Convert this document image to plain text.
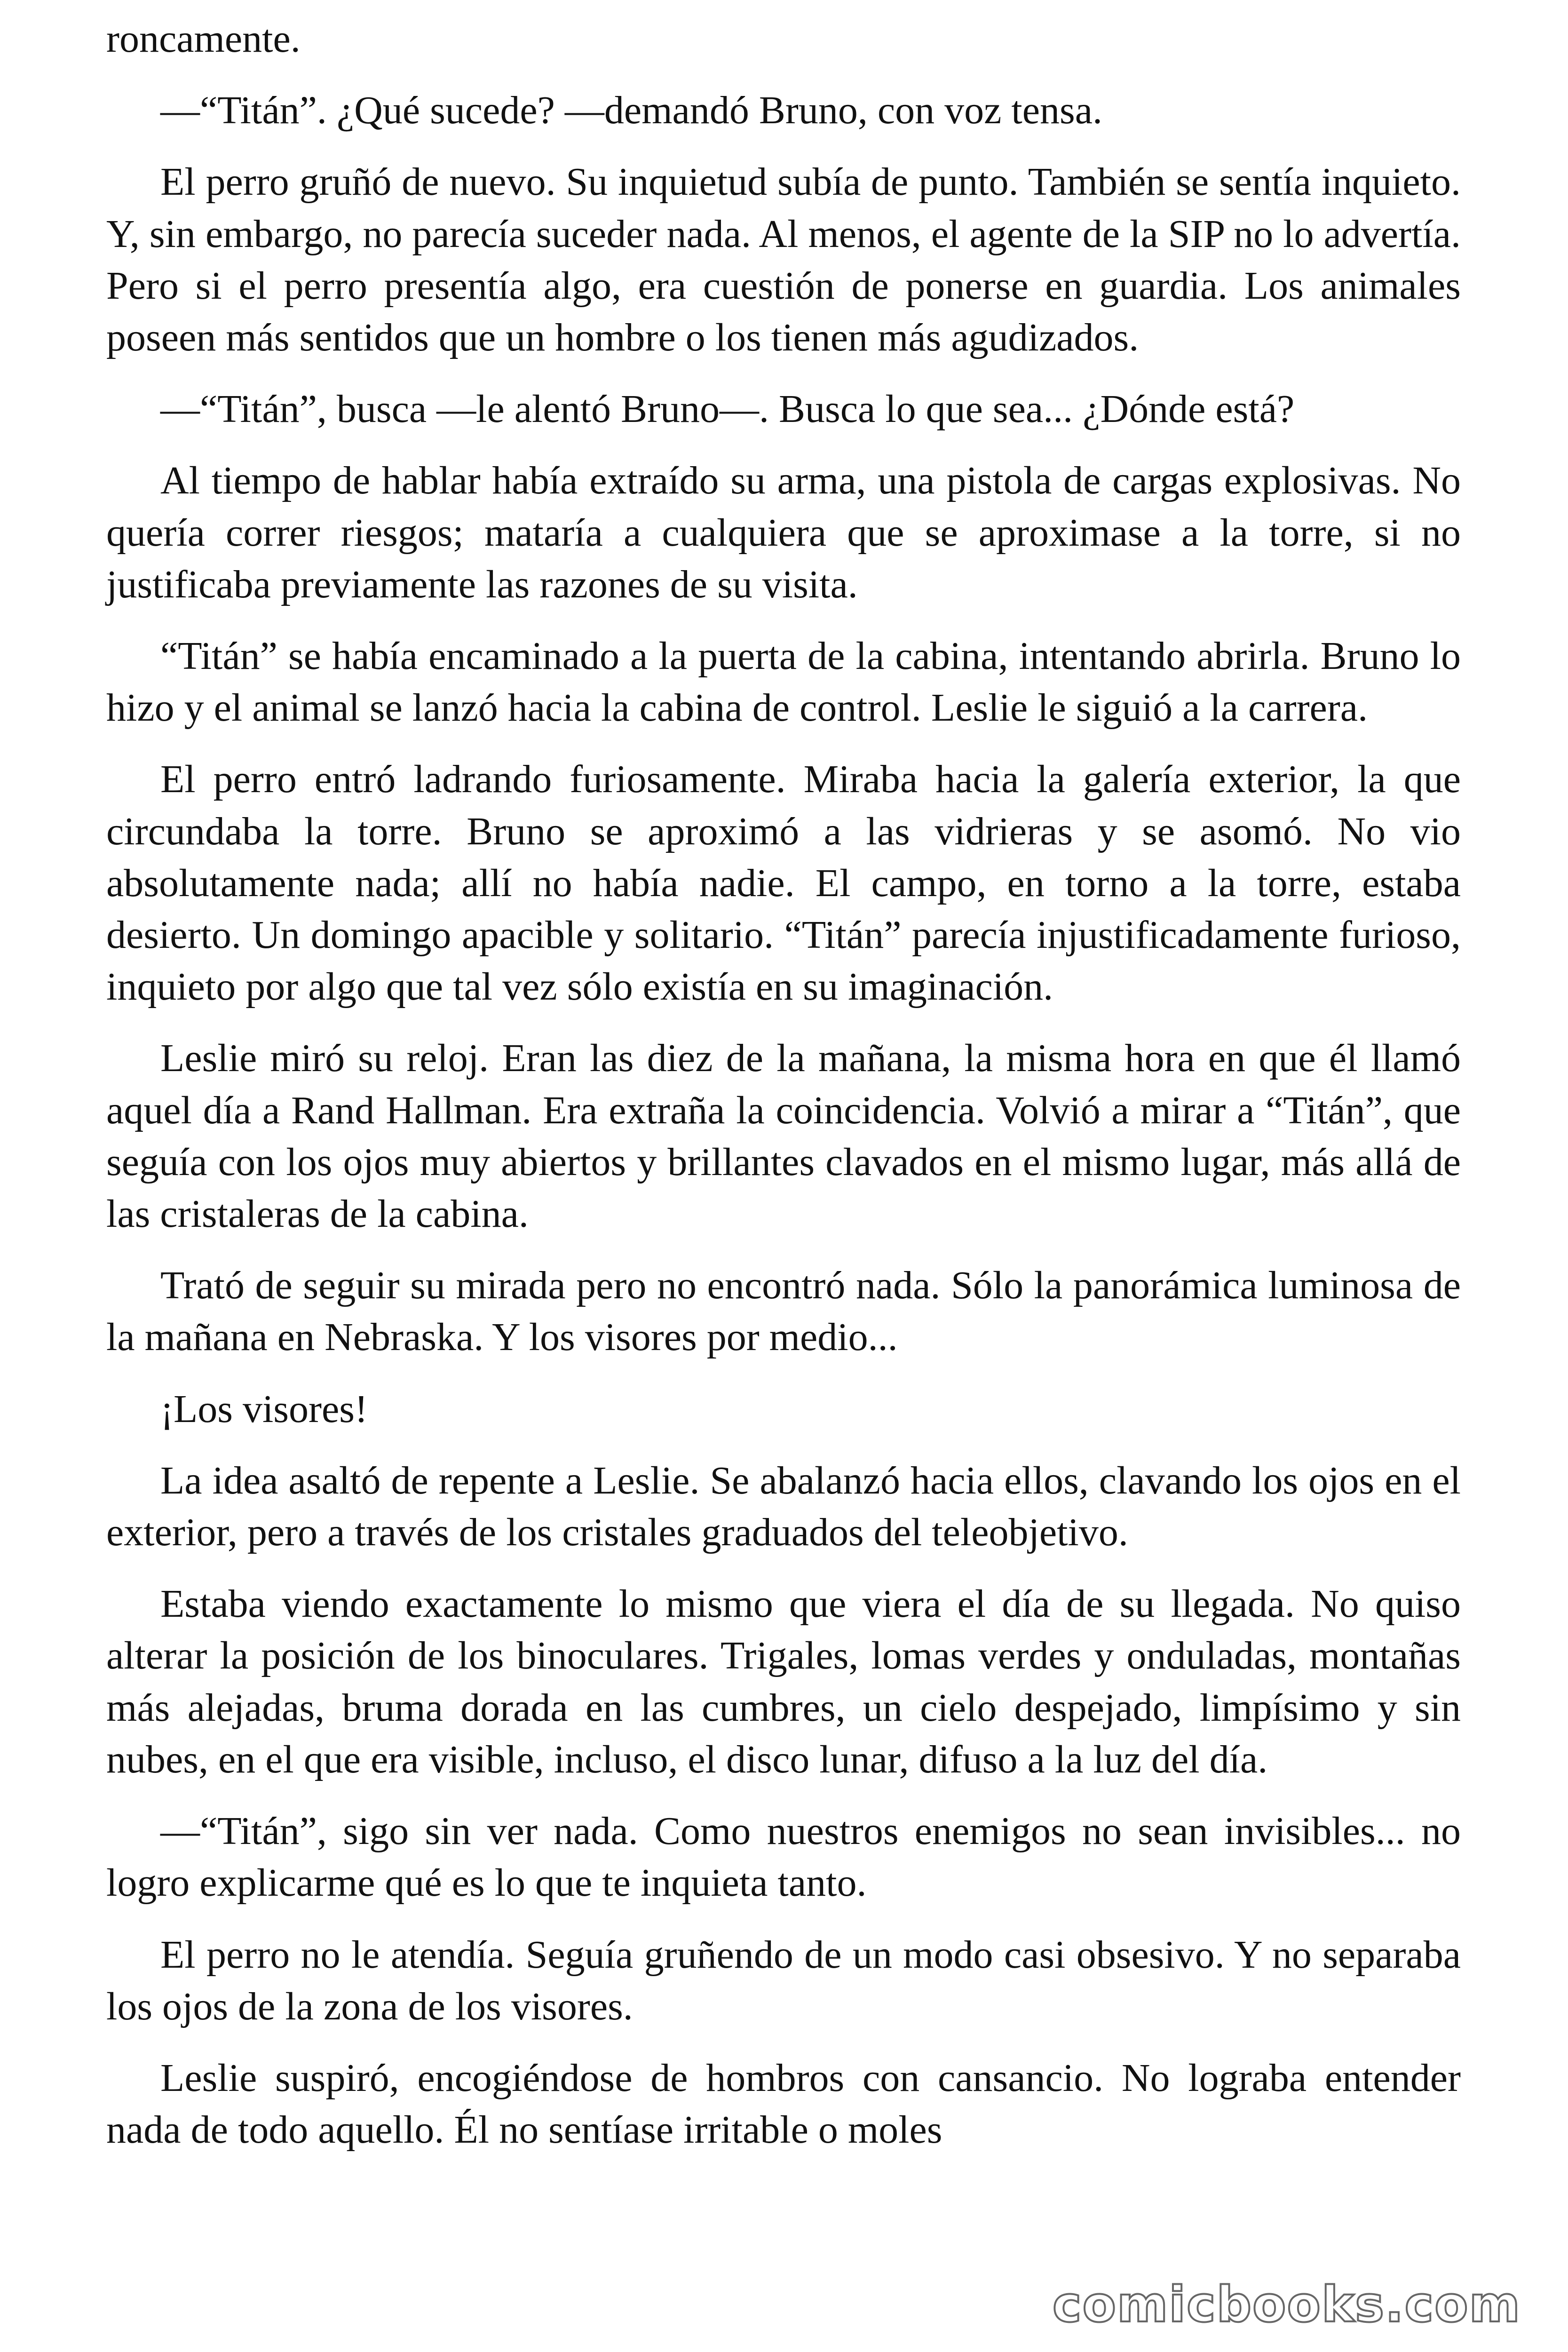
roncamente.

—“Titán”. ¿Qué sucede? —demandó Bruno, con voz tensa.

El perro gruñó de nuevo. Su inquietud subía de punto. También se sentía inquieto. Y, sin embargo, no parecía suceder nada. Al menos, el agente de la SIP no lo advertía. Pero si el perro presentía algo, era cuestión de ponerse en guardia. Los animales poseen más sentidos que un hombre o los tienen más agudizados.

—“Titán”, busca —le alentó Bruno—. Busca lo que sea... ¿Dónde está?

Al tiempo de hablar había extraído su arma, una pistola de cargas explosivas. No quería correr riesgos; mataría a cualquiera que se aproximase a la torre, si no justificaba previamente las razones de su visita.

“Titán” se había encaminado a la puerta de la cabina, intentando abrirla. Bruno lo hizo y el animal se lanzó hacia la cabina de control. Leslie le siguió a la carrera.

El perro entró ladrando furiosamente. Miraba hacia la galería exterior, la que circundaba la torre. Bruno se aproximó a las vidrieras y se asomó. No vio absolutamente nada; allí no había nadie. El campo, en torno a la torre, estaba desierto. Un domingo apacible y solitario. “Titán” parecía injustificadamente furioso, inquieto por algo que tal vez sólo existía en su imaginación.

Leslie miró su reloj. Eran las diez de la mañana, la misma hora en que él llamó aquel día a Rand Hallman. Era extraña la coincidencia. Volvió a mirar a “Titán”, que seguía con los ojos muy abiertos y brillantes clavados en el mismo lugar, más allá de las cristaleras de la cabina.

Trató de seguir su mirada pero no encontró nada. Sólo la panorámica luminosa de la mañana en Nebraska. Y los visores por medio...

¡Los visores!

La idea asaltó de repente a Leslie. Se abalanzó hacia ellos, clavando los ojos en el exterior, pero a través de los cristales graduados del teleobjetivo.

Estaba viendo exactamente lo mismo que viera el día de su llegada. No quiso alterar la posición de los binoculares. Trigales, lomas verdes y onduladas, montañas más alejadas, bruma dorada en las cumbres, un cielo despejado, limpísimo y sin nubes, en el que era visible, incluso, el disco lunar, difuso a la luz del día.

—“Titán”, sigo sin ver nada. Como nuestros enemigos no sean invisibles... no logro explicarme qué es lo que te inquieta tanto.

El perro no le atendía. Seguía gruñendo de un modo casi obsesivo. Y no separaba los ojos de la zona de los visores.

Leslie suspiró, encogiéndose de hombros con cansancio. No lograba entender nada de todo aquello. Él no sentíase irritable o moles

comicbooks.com
